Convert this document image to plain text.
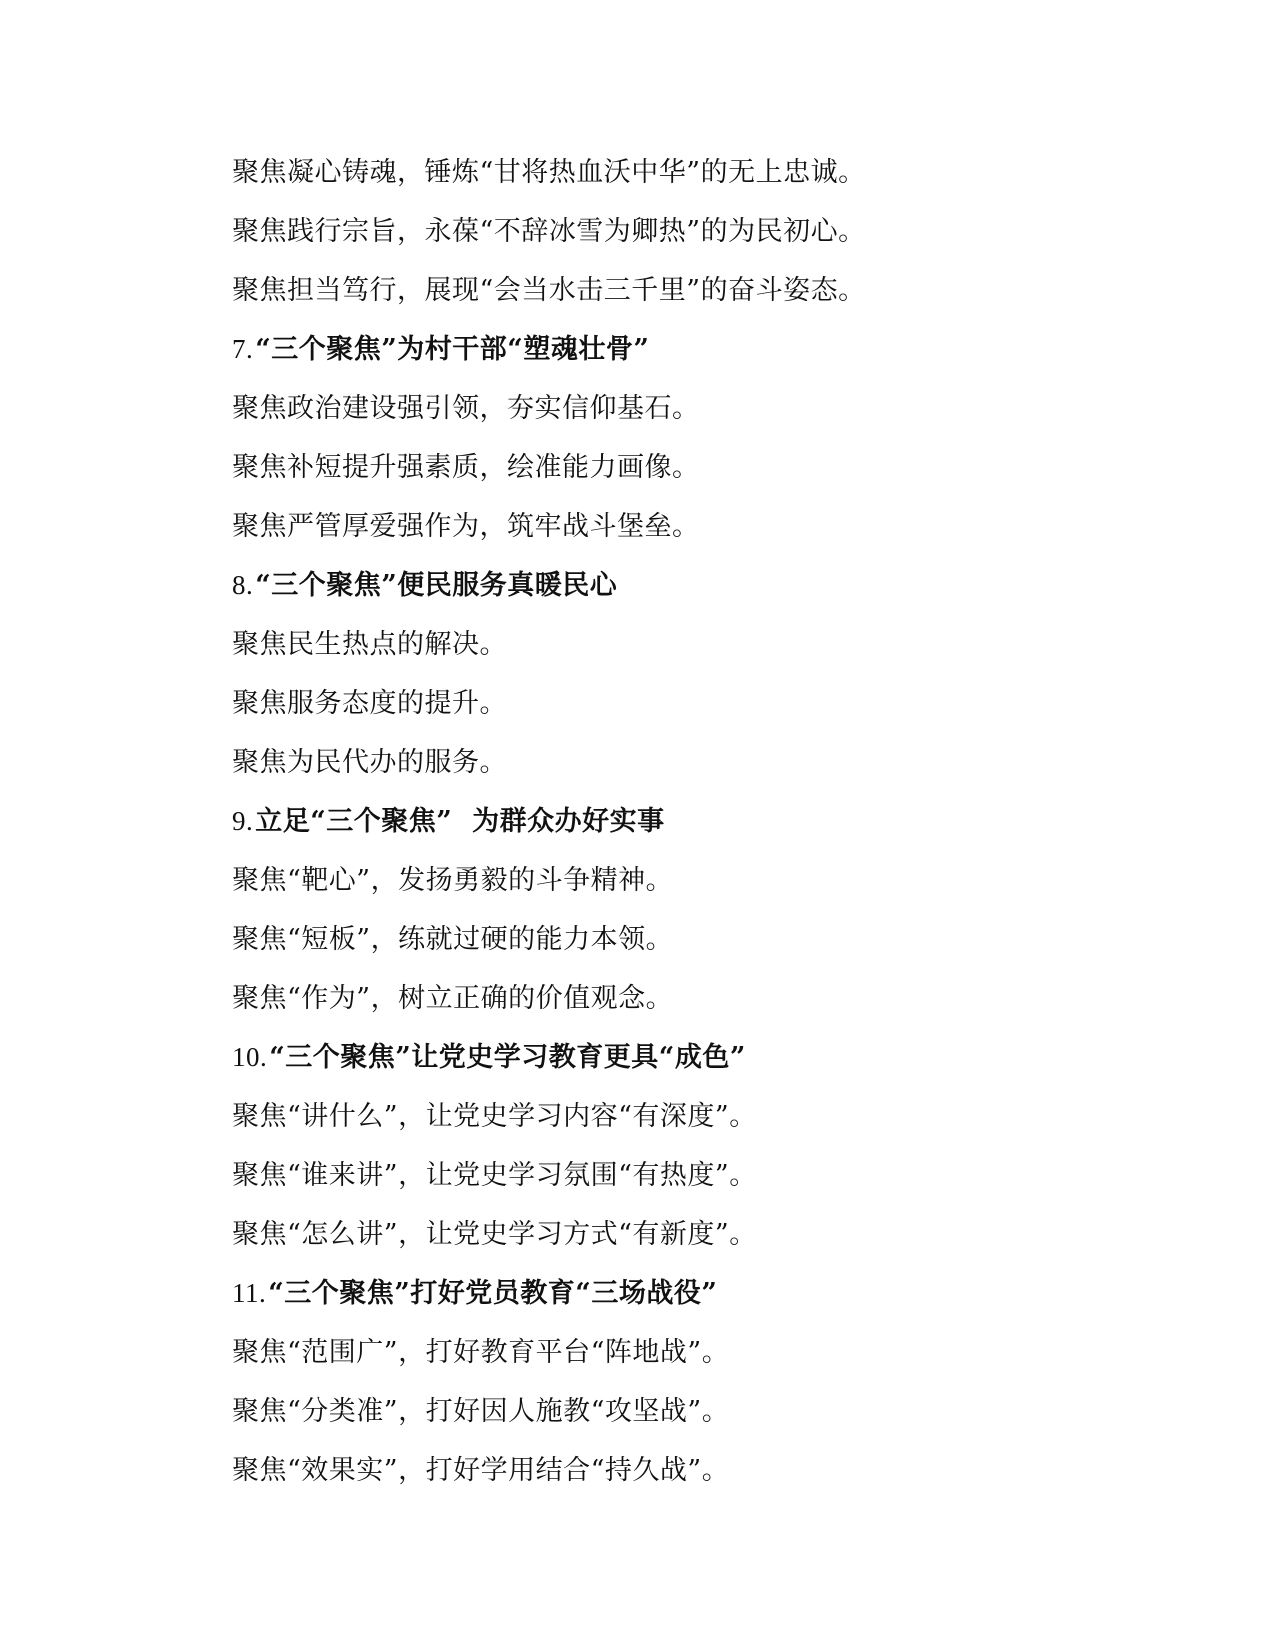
聚焦凝心铸魂，锤炼“甘将热血沃中华”的无上忠诚。
聚焦践行宗旨，永葆“不辞冰雪为卿热”的为民初心。
聚焦担当笃行，展现“会当水击三千里”的奋斗姿态。
7.“三个聚焦”为村干部“塑魂壮骨”
聚焦政治建设强引领，夯实信仰基石。
聚焦补短提升强素质，绘准能力画像。
聚焦严管厚爱强作为，筑牢战斗堡垒。
8.“三个聚焦”便民服务真暖民心
聚焦民生热点的解决。
聚焦服务态度的提升。
聚焦为民代办的服务。
9.立足“三个聚焦”  为群众办好实事
聚焦“靶心”，发扬勇毅的斗争精神。
聚焦“短板”，练就过硬的能力本领。
聚焦“作为”，树立正确的价值观念。
10.“三个聚焦”让党史学习教育更具“成色”
聚焦“讲什么”，让党史学习内容“有深度”。
聚焦“谁来讲”，让党史学习氛围“有热度”。
聚焦“怎么讲”，让党史学习方式“有新度”。
11.“三个聚焦”打好党员教育“三场战役”
聚焦“范围广”，打好教育平台“阵地战”。
聚焦“分类准”，打好因人施教“攻坚战”。
聚焦“效果实”，打好学用结合“持久战”。
